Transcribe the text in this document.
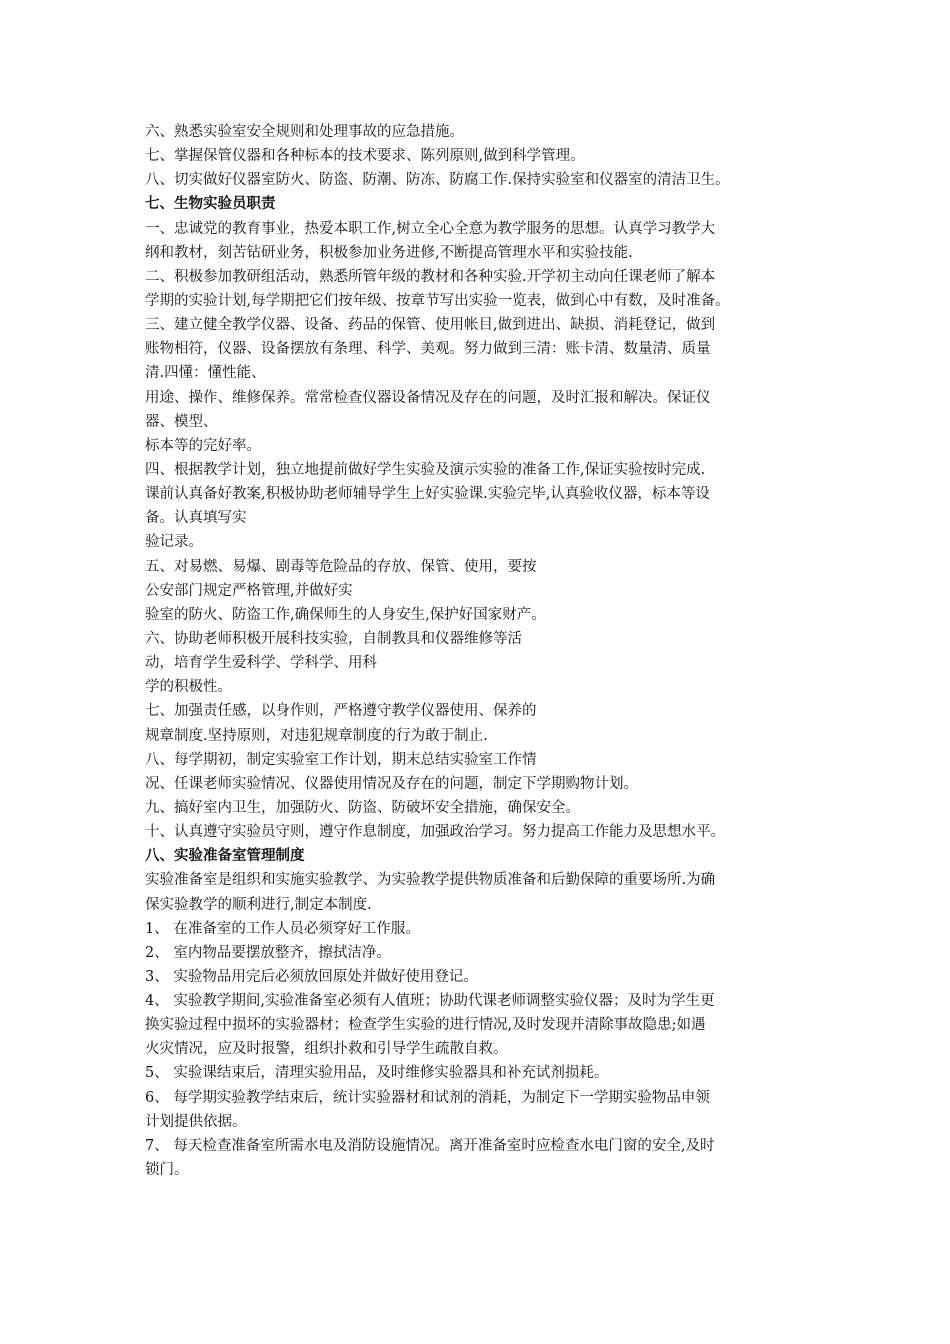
六、熟悉实验室安全规则和处理事故的应急措施。
七、掌握保管仪器和各种标本的技术要求、陈列原则,做到科学管理。
八、切实做好仪器室防火、防盗、防潮、防冻、防腐工作.保持实验室和仪器室的清洁卫生。
七、生物实验员职责
一、忠诚党的教育事业，热爱本职工作,树立全心全意为教学服务的思想。认真学习教学大
纲和教材，刻苦钻研业务，积极参加业务进修,不断提高管理水平和实验技能.
二、积极参加教研组活动，熟悉所管年级的教材和各种实验.开学初主动向任课老师了解本
学期的实验计划,每学期把它们按年级、按章节写出实验一览表，做到心中有数，及时准备。
三、建立健全教学仪器、设备、药品的保管、使用帐目,做到进出、缺损、消耗登记，做到
账物相符，仪器、设备摆放有条理、科学、美观。努力做到三清：账卡清、数量清、质量
清.四懂：懂性能、
用途、操作、维修保养。常常检查仪器设备情况及存在的问题，及时汇报和解决。保证仪
器、模型、
标本等的完好率。
四、根据教学计划，独立地提前做好学生实验及演示实验的准备工作,保证实验按时完成.
课前认真备好教案,积极协助老师辅导学生上好实验课.实验完毕,认真验收仪器，标本等设
备。认真填写实
验记录。
五、对易燃、易爆、剧毒等危险品的存放、保管、使用，要按
公安部门规定严格管理,并做好实
验室的防火、防盗工作,确保师生的人身安生,保护好国家财产。
六、协助老师积极开展科技实验，自制教具和仪器维修等活
动，培育学生爱科学、学科学、用科
学的积极性。
七、加强责任感，以身作则，严格遵守教学仪器使用、保养的
规章制度.坚持原则，对违犯规章制度的行为敢于制止.
八、每学期初，制定实验室工作计划，期末总结实验室工作情
况、任课老师实验情况、仪器使用情况及存在的问题，制定下学期购物计划。
九、搞好室内卫生，加强防火、防盗、防破坏安全措施，确保安全。
十、认真遵守实验员守则，遵守作息制度，加强政治学习。努力提高工作能力及思想水平。
八、实验准备室管理制度
实验准备室是组织和实施实验教学、为实验教学提供物质准备和后勤保障的重要场所.为确
保实验教学的顺利进行,制定本制度.
1、 在准备室的工作人员必须穿好工作服。
2、 室内物品要摆放整齐，擦拭洁净。
3、 实验物品用完后必须放回原处并做好使用登记。
4、 实验教学期间,实验准备室必须有人值班；协助代课老师调整实验仪器；及时为学生更
换实验过程中损坏的实验器材；检查学生实验的进行情况,及时发现并清除事故隐患;如遇
火灾情况，应及时报警，组织扑救和引导学生疏散自救。
5、 实验课结束后，清理实验用品，及时维修实验器具和补充试剂损耗。
6、 每学期实验教学结束后，统计实验器材和试剂的消耗，为制定下一学期实验物品申领
计划提供依据。
7、 每天检查准备室所需水电及消防设施情况。离开准备室时应检查水电门窗的安全,及时
锁门。
